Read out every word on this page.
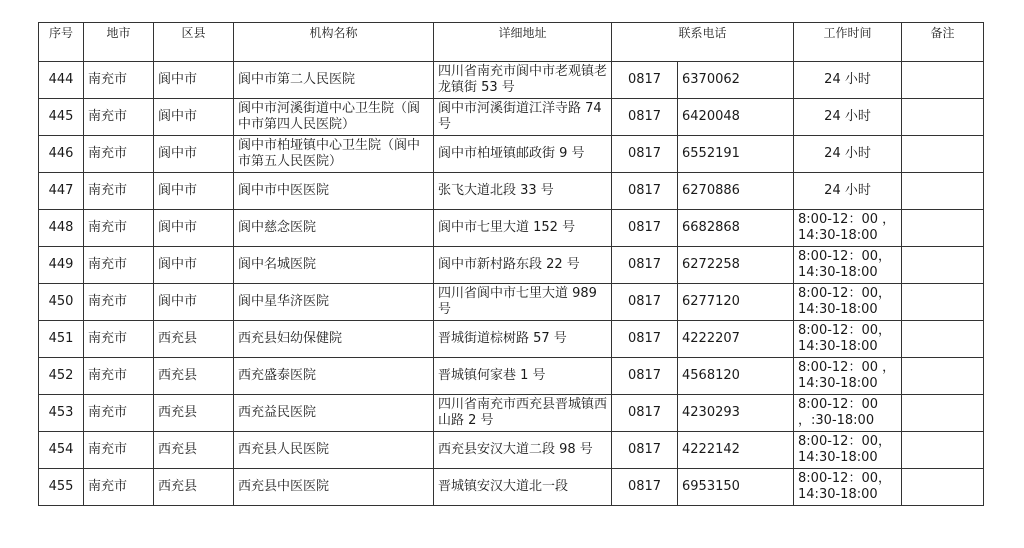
序号	地市	区县	机构名称	详细地址	联系电话		工作时间	备注
444	南充市	阆中市	阆中市第二人民医院	四川省南充市阆中市老观镇老龙镇街 53 号	0817	6370062	24 小时	
445	南充市	阆中市	阆中市河溪街道中心卫生院（阆中市第四人民医院）	阆中市河溪街道江洋寺路 74 号	0817	6420048	24 小时	
446	南充市	阆中市	阆中市柏垭镇中心卫生院（阆中市第五人民医院）	阆中市柏垭镇邮政街 9 号	0817	6552191	24 小时	
447	南充市	阆中市	阆中市中医医院	张飞大道北段 33 号	0817	6270886	24 小时	
448	南充市	阆中市	阆中慈念医院	阆中市七里大道 152 号	0817	6682868	8:00-12：00 ，14:30-18:00	
449	南充市	阆中市	阆中名城医院	阆中市新村路东段 22 号	0817	6272258	8:00-12：00，14:30-18:00	
450	南充市	阆中市	阆中星华济医院	四川省阆中市七里大道 989 号	0817	6277120	8:00-12：00，14:30-18:00	
451	南充市	西充县	西充县妇幼保健院	晋城街道棕树路 57 号	0817	4222207	8:00-12：00，14:30-18:00	
452	南充市	西充县	西充盛泰医院	晋城镇何家巷 1 号	0817	4568120	8:00-12：00 ，14:30-18:00	
453	南充市	西充县	西充益民医院	四川省南充市西充县晋城镇西山路 2 号	0817	4230293	8:00-12：00 ，:30-18:00	
454	南充市	西充县	西充县人民医院	西充县安汉大道二段 98 号	0817	4222142	8:00-12：00，14:30-18:00	
455	南充市	西充县	西充县中医医院	晋城镇安汉大道北一段	0817	6953150	8:00-12：00，14:30-18:00	
